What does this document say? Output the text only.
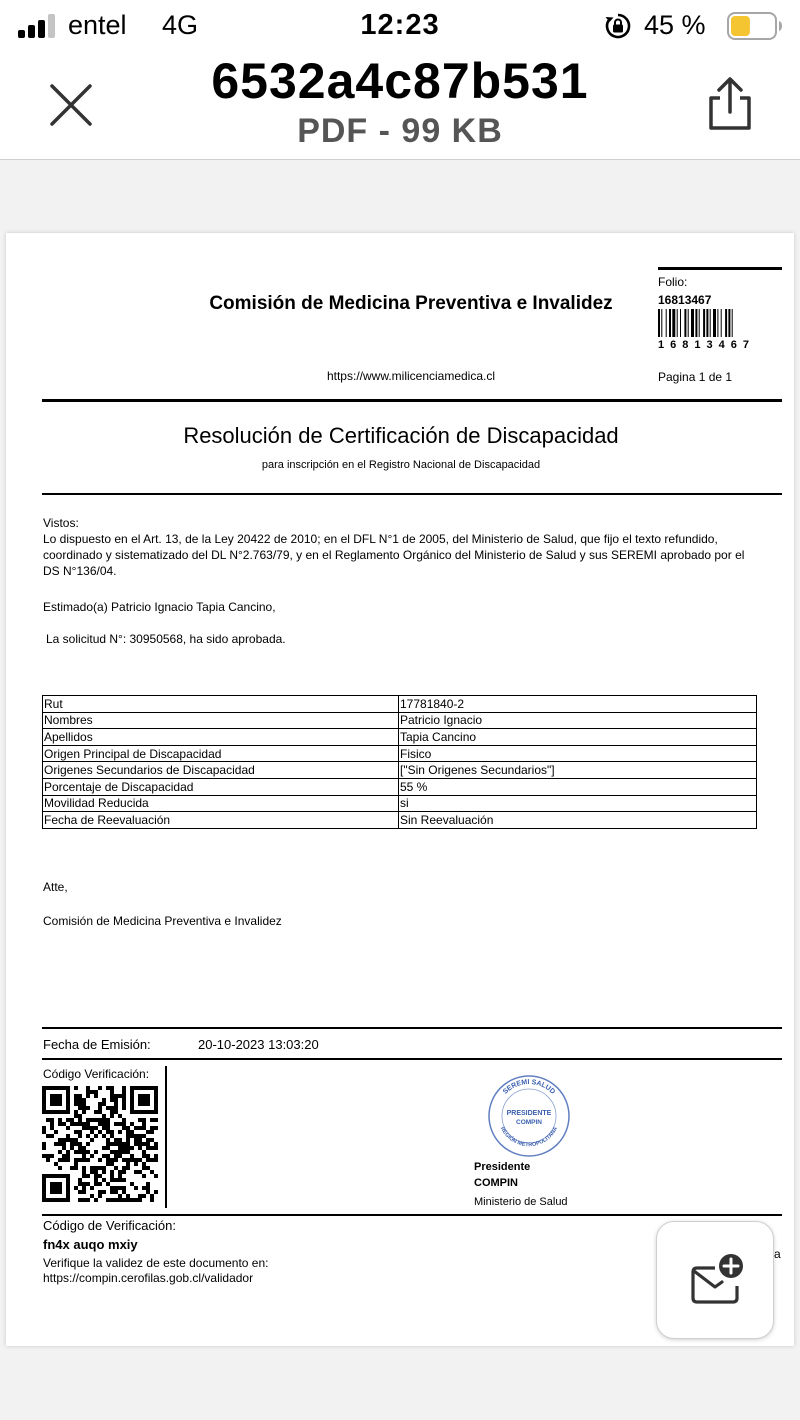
entel 4G	12:23	45 %
6532a4c87b531
PDF - 99 KB
Comisión de Medicina Preventiva e Invalidez
https://www.milicenciamedica.cl
Folio:
16813467
16813467
Pagina 1 de 1
Resolución de Certificación de Discapacidad
para inscripción en el Registro Nacional de Discapacidad
Vistos:
Lo dispuesto en el Art. 13, de la Ley 20422 de 2010; en el DFL N°1 de 2005, del Ministerio de Salud, que fijo el texto refundido, coordinado y sistematizado del DL N°2.763/79, y en el Reglamento Orgánico del Ministerio de Salud y sus SEREMI aprobado por el DS N°136/04.
Estimado(a) Patricio Ignacio Tapia Cancino,
La solicitud N°: 30950568, ha sido aprobada.
Rut	17781840-2
Nombres	Patricio Ignacio
Apellidos	Tapia Cancino
Origen Principal de Discapacidad	Fisico
Origenes Secundarios de Discapacidad	["Sin Origenes Secundarios"]
Porcentaje de Discapacidad	55 %
Movilidad Reducida	si
Fecha de Reevaluación	Sin Reevaluación
Atte,
Comisión de Medicina Preventiva e Invalidez
Fecha de Emisión:	20-10-2023 13:03:20
Código Verificación:
SEREMI SALUD
REGIÓN METROPOLITANA
PRESIDENTE
COMPIN
Presidente
COMPIN
Ministerio de Salud
Código de Verificación:
fn4x auqo mxiy
Verifique la validez de este documento en:
https://compin.cerofilas.gob.cl/validador
a
